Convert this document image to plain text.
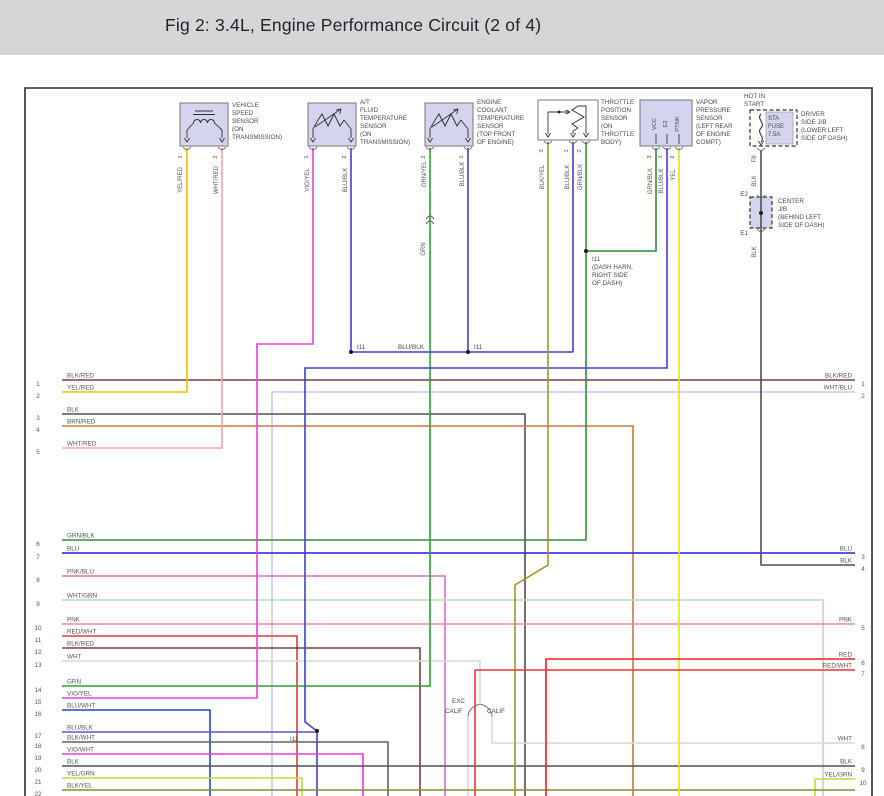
Fig 2: 3.4L, Engine Performance Circuit (2 of 4)
STA
FUSE
7.5A
DRIVER
SIDE J/B
(LOWER LEFT
SIDE OF DASH)
CENTER
J/B
(BEHIND LEFT
SIDE OF DASH)
VEHICLE
SPEED
SENSOR
(ON
TRANSMISSION)
1	2
A/T
FLUID
TEMPERATURE
SENSOR
(ON
TRANSMISSION)
1	2
ENGINE
COOLANT
TEMPERATURE
SENSOR
(TOP FRONT
OF ENGINE)
2	1
THROTTLE
POSITION
SENSOR
(ON
THROTTLE
BODY)
3	1 2
VAPOR
PRESSURE
SENSOR
(LEFT REAR
OF ENGINE
COMPT)
3 1 2
VCC E2 PTNK
I11
(DASH HARN,
RIGHT SIDE
OF DASH)
I11	BLU/BLK	I11
I11
EXC
CALIF	CALIF
HOT IN
START
E2
E1
YEL/RED	WHT/RED	VIO/YEL	BLU/BLK	GRN/YEL	BLU/BLK
GRN
BLK/YEL	BLU/BLK GRN/BLK	GRN/BLK BLU/BLK YEL
F8
BLK
BLK
1
BLK/RED
2
YEL/RED
3
BLK
4
BRN/RED
5
WHT/RED
6
GRN/BLK
7
BLU
8
PNK/BLU
9
WHT/GRN
10
PNK
11
RED/WHT
12
BLK/RED
13
WHT
14
GRN
15
VIO/YEL
16
BLU/WHT
17
BLU/BLK
18
BLK/WHT
19
VIO/WHT
20
BLK
21
YEL/GRN
22
BLK/YEL
BLK/RED
1
WHT/BLU
2
BLU
3
BLK
4
PNK
5
RED
6
RED/WHT
7
WHT
8
BLK
9
YEL/GRN
10
